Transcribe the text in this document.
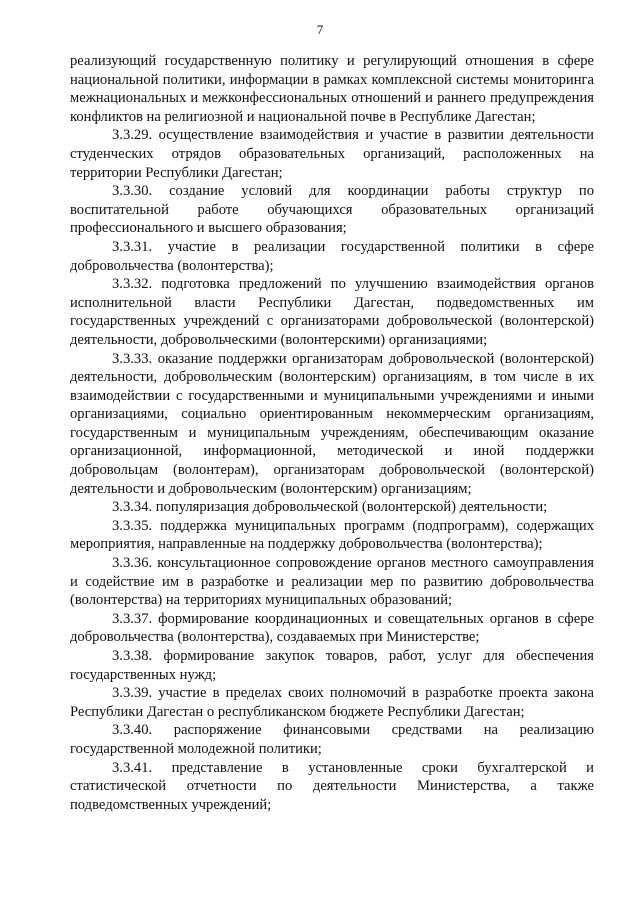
7

реализующий государственную политику и регулирующий отношения в сфере национальной политики, информации в рамках комплексной системы мониторинга межнациональных и межконфессиональных отношений и раннего предупреждения конфликтов на религиозной и национальной почве в Республике Дагестан;

3.3.29. осуществление взаимодействия и участие в развитии деятельности студенческих отрядов образовательных организаций, расположенных на территории Республики Дагестан;

3.3.30. создание условий для координации работы структур по воспитательной работе обучающихся образовательных организаций профессионального и высшего образования;

3.3.31. участие в реализации государственной политики в сфере добровольчества (волонтерства);

3.3.32. подготовка предложений по улучшению взаимодействия органов исполнительной власти Республики Дагестан, подведомственных им государственных учреждений с организаторами добровольческой (волонтерской) деятельности, добровольческими (волонтерскими) организациями;

3.3.33. оказание поддержки организаторам добровольческой (волонтерской) деятельности, добровольческим (волонтерским) организациям, в том числе в их взаимодействии с государственными и муниципальными учреждениями и иными организациями, социально ориентированным некоммерческим организациям, государственным и муниципальным учреждениям, обеспечивающим оказание организационной, информационной, методической и иной поддержки добровольцам (волонтерам), организаторам добровольческой (волонтерской) деятельности и добровольческим (волонтерским) организациям;

3.3.34. популяризация добровольческой (волонтерской) деятельности;

3.3.35. поддержка муниципальных программ (подпрограмм), содержащих мероприятия, направленные на поддержку добровольчества (волонтерства);

3.3.36. консультационное сопровождение органов местного самоуправления и содействие им в разработке и реализации мер по развитию добровольчества (волонтерства) на территориях муниципальных образований;

3.3.37. формирование координационных и совещательных органов в сфере добровольчества (волонтерства), создаваемых при Министерстве;

3.3.38. формирование закупок товаров, работ, услуг для обеспечения государственных нужд;

3.3.39. участие в пределах своих полномочий в разработке проекта закона Республики Дагестан о республиканском бюджете Республики Дагестан;

3.3.40. распоряжение финансовыми средствами на реализацию государственной молодежной политики;

3.3.41. представление в установленные сроки бухгалтерской и статистической отчетности по деятельности Министерства, а также подведомственных учреждений;
